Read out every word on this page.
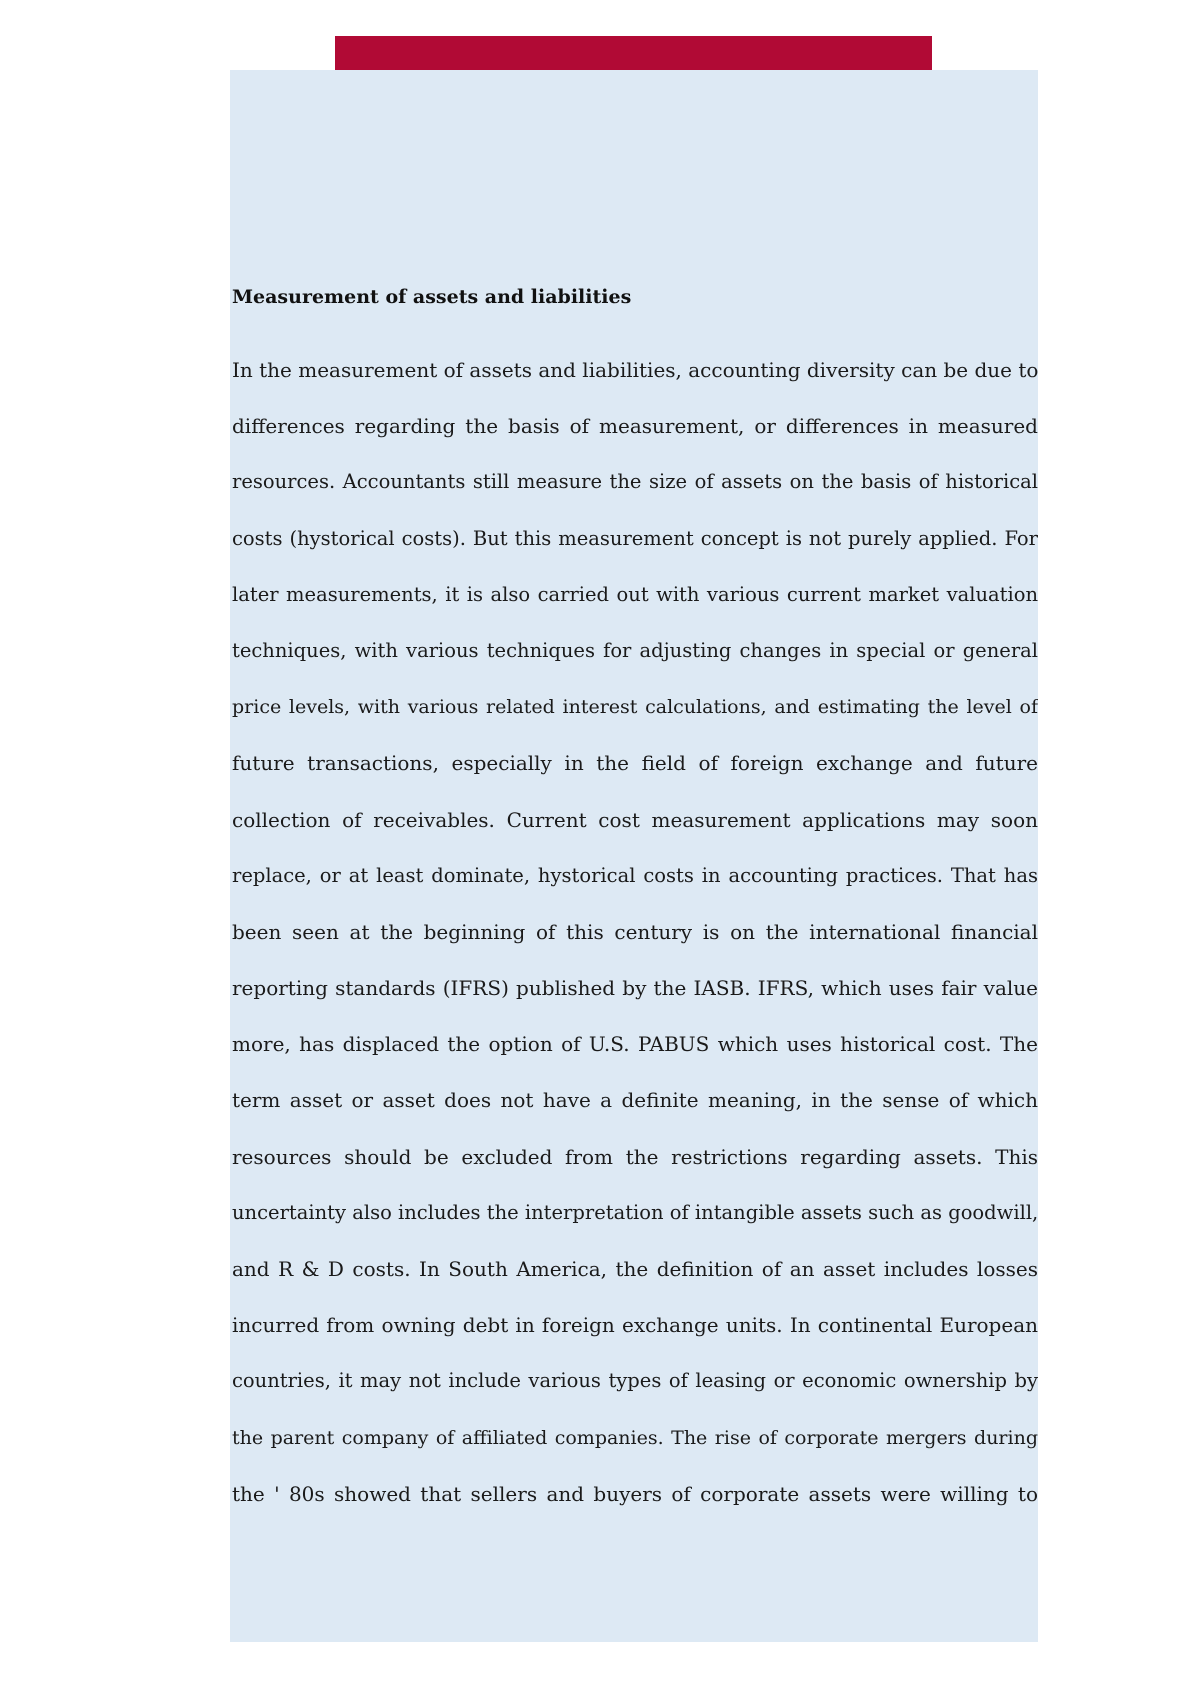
Measurement of assets and liabilities
In the measurement of assets and liabilities, accounting diversity can be due to
differences regarding the basis of measurement, or differences in measured
resources. Accountants still measure the size of assets on the basis of historical
costs (hystorical costs). But this measurement concept is not purely applied. For
later measurements, it is also carried out with various current market valuation
techniques, with various techniques for adjusting changes in special or general
price levels, with various related interest calculations, and estimating the level of
future transactions, especially in the field of foreign exchange and future
collection of receivables. Current cost measurement applications may soon
replace, or at least dominate, hystorical costs in accounting practices. That has
been seen at the beginning of this century is on the international financial
reporting standards (IFRS) published by the IASB. IFRS, which uses fair value
more, has displaced the option of U.S. PABUS which uses historical cost. The
term asset or asset does not have a definite meaning, in the sense of which
resources should be excluded from the restrictions regarding assets. This
uncertainty also includes the interpretation of intangible assets such as goodwill,
and R & D costs. In South America, the definition of an asset includes losses
incurred from owning debt in foreign exchange units. In continental European
countries, it may not include various types of leasing or economic ownership by
the parent company of affiliated companies. The rise of corporate mergers during
the ' 80s showed that sellers and buyers of corporate assets were willing to
